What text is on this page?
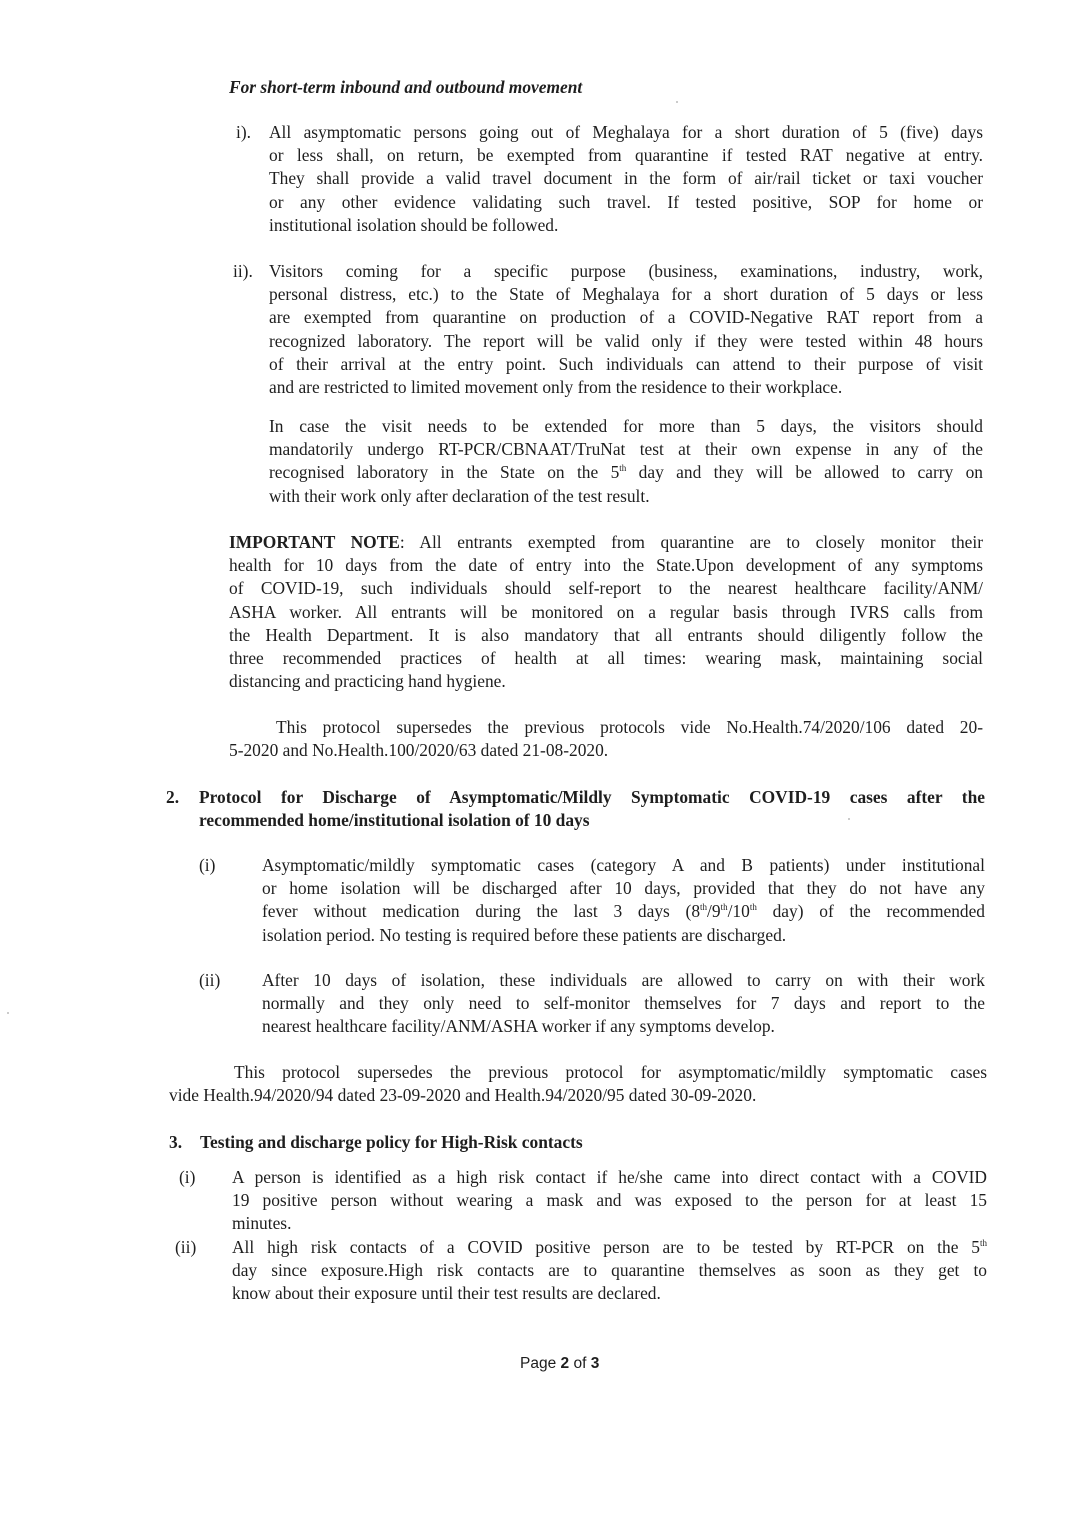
For short-term inbound and outbound movement
i). All asymptomatic persons going out of Meghalaya for a short duration of 5 (five) days
or less shall, on return, be exempted from quarantine if tested RAT negative at entry.
They shall provide a valid travel document in the form of air/rail ticket or taxi voucher
or any other evidence validating such travel. If tested positive, SOP for home or
institutional isolation should be followed.
ii). Visitors coming for a specific purpose (business, examinations, industry, work,
personal distress, etc.) to the State of Meghalaya for a short duration of 5 days or less
are exempted from quarantine on production of a COVID-Negative RAT report from a
recognized laboratory. The report will be valid only if they were tested within 48 hours
of their arrival at the entry point. Such individuals can attend to their purpose of visit
and are restricted to limited movement only from the residence to their workplace.
In case the visit needs to be extended for more than 5 days, the visitors should
mandatorily undergo RT-PCR/CBNAAT/TruNat test at their own expense in any of the
recognised laboratory in the State on the 5th day and they will be allowed to carry on
with their work only after declaration of the test result.
IMPORTANT NOTE: All entrants exempted from quarantine are to closely monitor their
health for 10 days from the date of entry into the State.Upon development of any symptoms
of COVID-19, such individuals should self-report to the nearest healthcare facility/ANM/
ASHA worker. All entrants will be monitored on a regular basis through IVRS calls from
the Health Department. It is also mandatory that all entrants should diligently follow the
three recommended practices of health at all times: wearing mask, maintaining social
distancing and practicing hand hygiene.
This protocol supersedes the previous protocols vide No.Health.74/2020/106 dated 20-
5-2020 and No.Health.100/2020/63 dated 21-08-2020.
2. Protocol for Discharge of Asymptomatic/Mildly Symptomatic COVID-19 cases after the
recommended home/institutional isolation of 10 days
(i)	Asymptomatic/mildly symptomatic cases (category A and B patients) under institutional
or home isolation will be discharged after 10 days, provided that they do not have any
fever without medication during the last 3 days (8th/9th/10th day) of the recommended
isolation period. No testing is required before these patients are discharged.
(ii) After 10 days of isolation, these individuals are allowed to carry on with their work
normally and they only need to self-monitor themselves for 7 days and report to the
nearest healthcare facility/ANM/ASHA worker if any symptoms develop.
This protocol supersedes the previous protocol for asymptomatic/mildly symptomatic cases
vide Health.94/2020/94 dated 23-09-2020 and Health.94/2020/95 dated 30-09-2020.
3. Testing and discharge policy for High-Risk contacts
(i) A person is identified as a high risk contact if he/she came into direct contact with a COVID
19 positive person without wearing a mask and was exposed to the person for at least 15
minutes.
(ii) All high risk contacts of a COVID positive person are to be tested by RT-PCR on the 5th
day since exposure.High risk contacts are to quarantine themselves as soon as they get to
know about their exposure until their test results are declared.
Page 2 of 3
